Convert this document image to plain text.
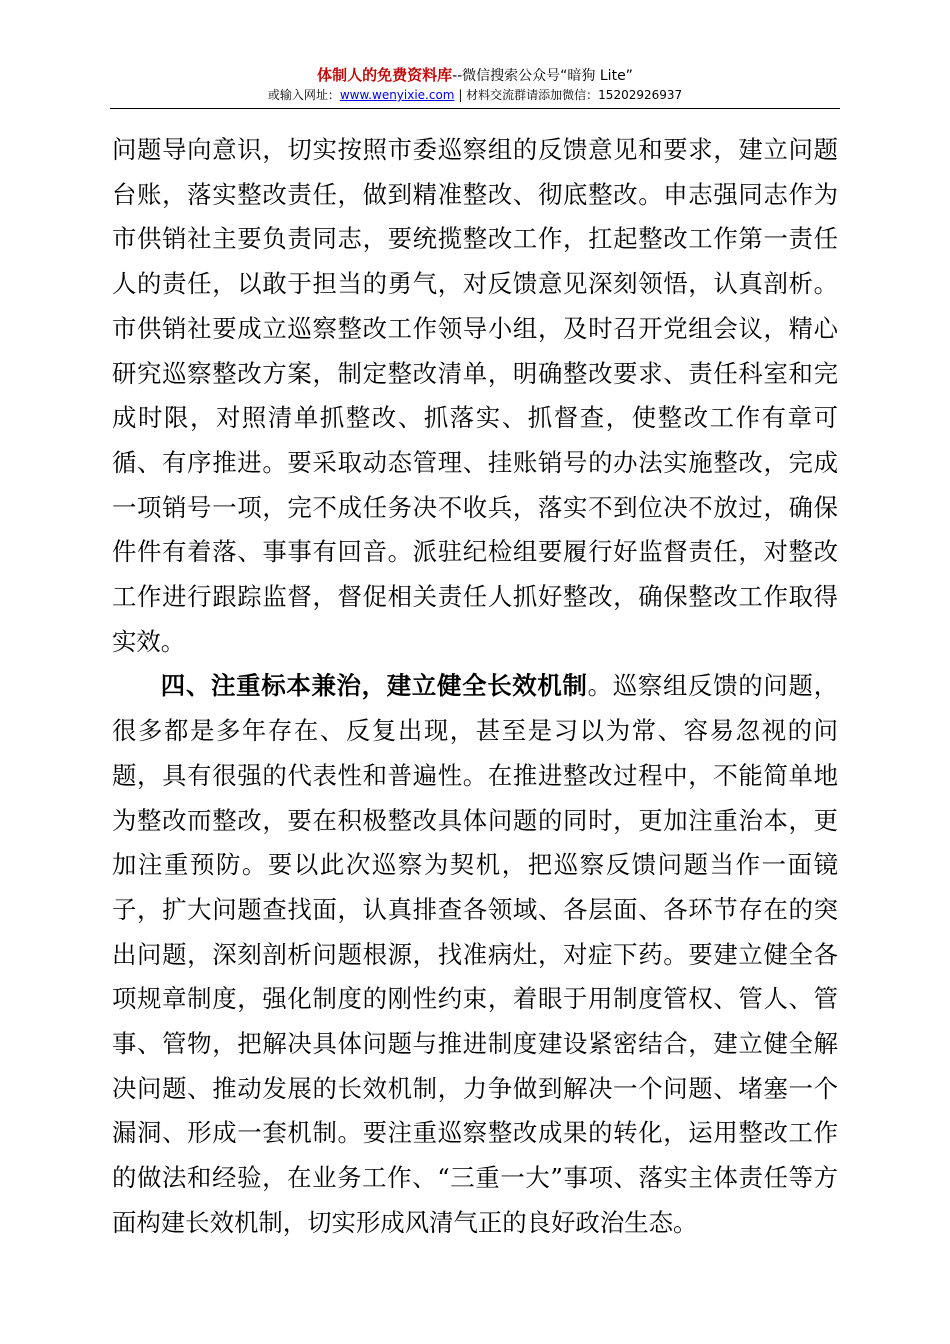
体制人的免费资料库--微信搜索公众号“暗狗 Lite”
或输入网址：www.wenyixie.com | 材料交流群请添加微信：15202926937

问题导向意识，切实按照市委巡察组的反馈意见和要求，建立问题台账，落实整改责任，做到精准整改、彻底整改。申志强同志作为市供销社主要负责同志，要统揽整改工作，扛起整改工作第一责任人的责任，以敢于担当的勇气，对反馈意见深刻领悟，认真剖析。市供销社要成立巡察整改工作领导小组，及时召开党组会议，精心研究巡察整改方案，制定整改清单，明确整改要求、责任科室和完成时限，对照清单抓整改、抓落实、抓督查，使整改工作有章可循、有序推进。要采取动态管理、挂账销号的办法实施整改，完成一项销号一项，完不成任务决不收兵，落实不到位决不放过，确保件件有着落、事事有回音。派驻纪检组要履行好监督责任，对整改工作进行跟踪监督，督促相关责任人抓好整改，确保整改工作取得实效。

四、注重标本兼治，建立健全长效机制。巡察组反馈的问题，很多都是多年存在、反复出现，甚至是习以为常、容易忽视的问题，具有很强的代表性和普遍性。在推进整改过程中，不能简单地为整改而整改，要在积极整改具体问题的同时，更加注重治本，更加注重预防。要以此次巡察为契机，把巡察反馈问题当作一面镜子，扩大问题查找面，认真排查各领域、各层面、各环节存在的突出问题，深刻剖析问题根源，找准病灶，对症下药。要建立健全各项规章制度，强化制度的刚性约束，着眼于用制度管权、管人、管事、管物，把解决具体问题与推进制度建设紧密结合，建立健全解决问题、推动发展的长效机制，力争做到解决一个问题、堵塞一个漏洞、形成一套机制。要注重巡察整改成果的转化，运用整改工作的做法和经验，在业务工作、“三重一大”事项、落实主体责任等方面构建长效机制，切实形成风清气正的良好政治生态。
